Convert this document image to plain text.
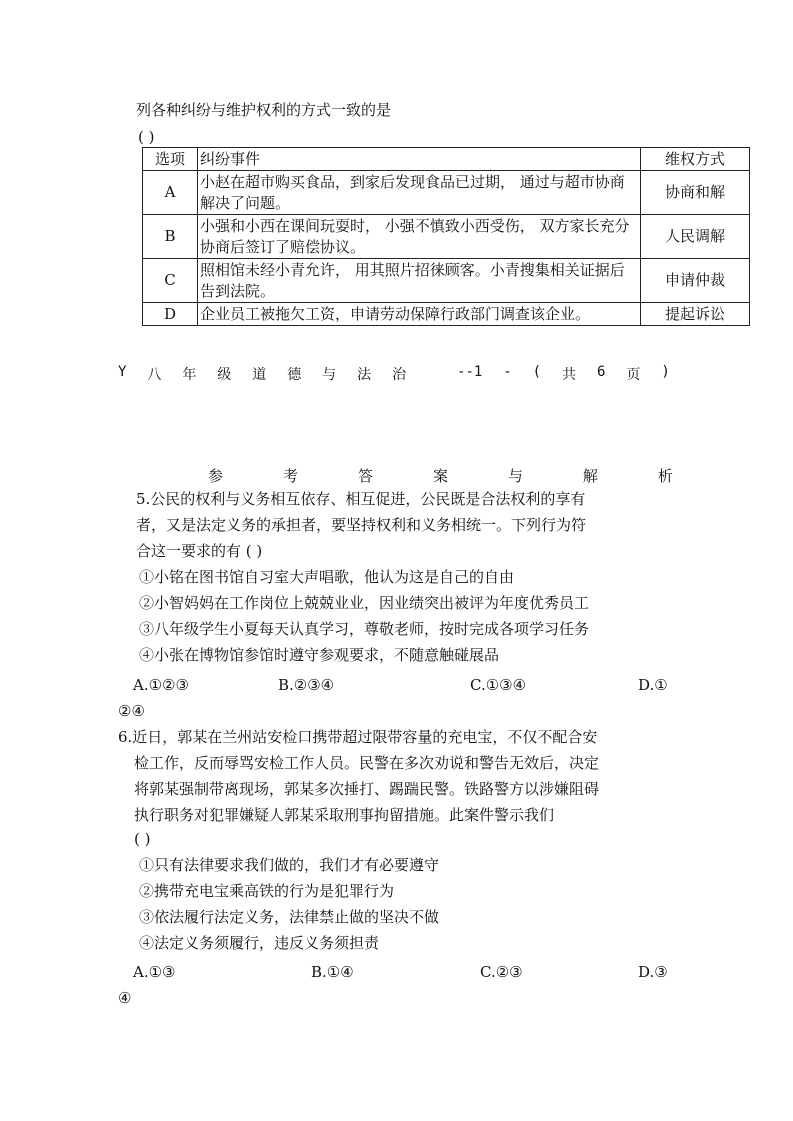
列各种纠纷与维护权利的方式一致的是
( )
选项	纠纷事件	维权方式
A	小赵在超市购买食品，到家后发现食品已过期， 通过与超市协商解决了问题。	协商和解
B	小强和小西在课间玩耍时， 小强不慎致小西受伤， 双方家长充分协商后签订了赔偿协议。	人民调解
C	照相馆未经小青允许， 用其照片招徕顾客。小青搜集相关证据后告到法院。	申请仲裁
D	企业员工被拖欠工资，申请劳动保障行政部门调查该企业。	提起诉讼
Y 八 年 级 道 德 与 法 治	--1 - ( 共 6 页 )
参	考	答	案	与	解	析
5.公民的权利与义务相互依存、相互促进，公民既是合法权利的享有
者，又是法定义务的承担者，要坚持权利和义务相统一。下列行为符
合这一要求的有 ( )
①小铭在图书馆自习室大声唱歌，他认为这是自己的自由
②小智妈妈在工作岗位上兢兢业业，因业绩突出被评为年度优秀员工
③八年级学生小夏每天认真学习，尊敬老师，按时完成各项学习任务
④小张在博物馆参馆时遵守参观要求，不随意触碰展品
A.①②③	B.②③④	C.①③④	D.①
②④
6.近日，郭某在兰州站安检口携带超过限带容量的充电宝，不仅不配合安
检工作，反而辱骂安检工作人员。民警在多次劝说和警告无效后，决定
将郭某强制带离现场，郭某多次捶打、踢踹民警。铁路警方以涉嫌阻碍
执行职务对犯罪嫌疑人郭某采取刑事拘留措施。此案件警示我们
( )
①只有法律要求我们做的，我们才有必要遵守
②携带充电宝乘高铁的行为是犯罪行为
③依法履行法定义务，法律禁止做的坚决不做
④法定义务须履行，违反义务须担责
A.①③	B.①④	C.②③	D.③
④
